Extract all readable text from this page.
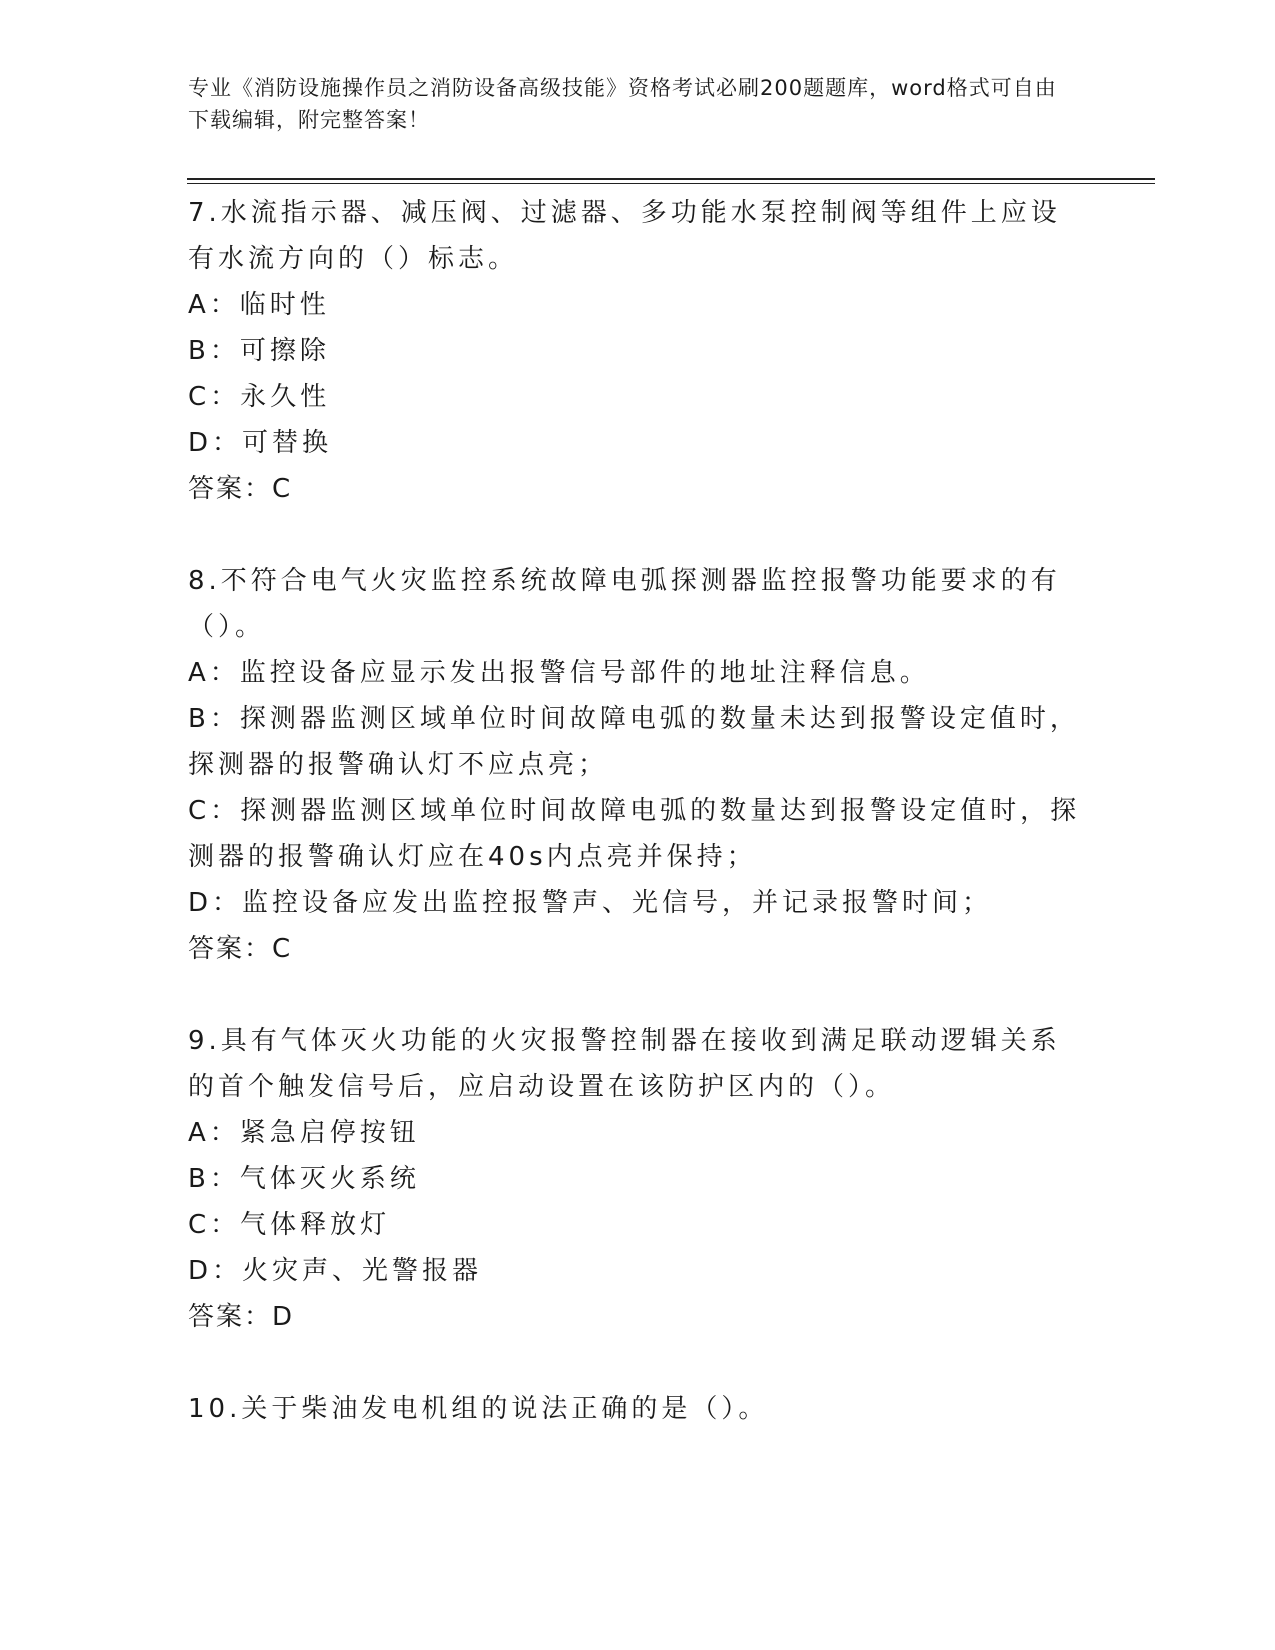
专业《消防设施操作员之消防设备高级技能》资格考试必刷200题题库，word格式可自由下载编辑，附完整答案！
7.水流指示器、减压阀、过滤器、多功能水泵控制阀等组件上应设有水流方向的（）标志。
A：临时性
B：可擦除
C：永久性
D：可替换
答案：C
8.不符合电气火灾监控系统故障电弧探测器监控报警功能要求的有（）。
A：监控设备应显示发出报警信号部件的地址注释信息。
B：探测器监测区域单位时间故障电弧的数量未达到报警设定值时，探测器的报警确认灯不应点亮；
C：探测器监测区域单位时间故障电弧的数量达到报警设定值时，探测器的报警确认灯应在40s内点亮并保持；
D：监控设备应发出监控报警声、光信号，并记录报警时间；
答案：C
9.具有气体灭火功能的火灾报警控制器在接收到满足联动逻辑关系的首个触发信号后，应启动设置在该防护区内的（）。
A：紧急启停按钮
B：气体灭火系统
C：气体释放灯
D：火灾声、光警报器
答案：D
10.关于柴油发电机组的说法正确的是（）。
